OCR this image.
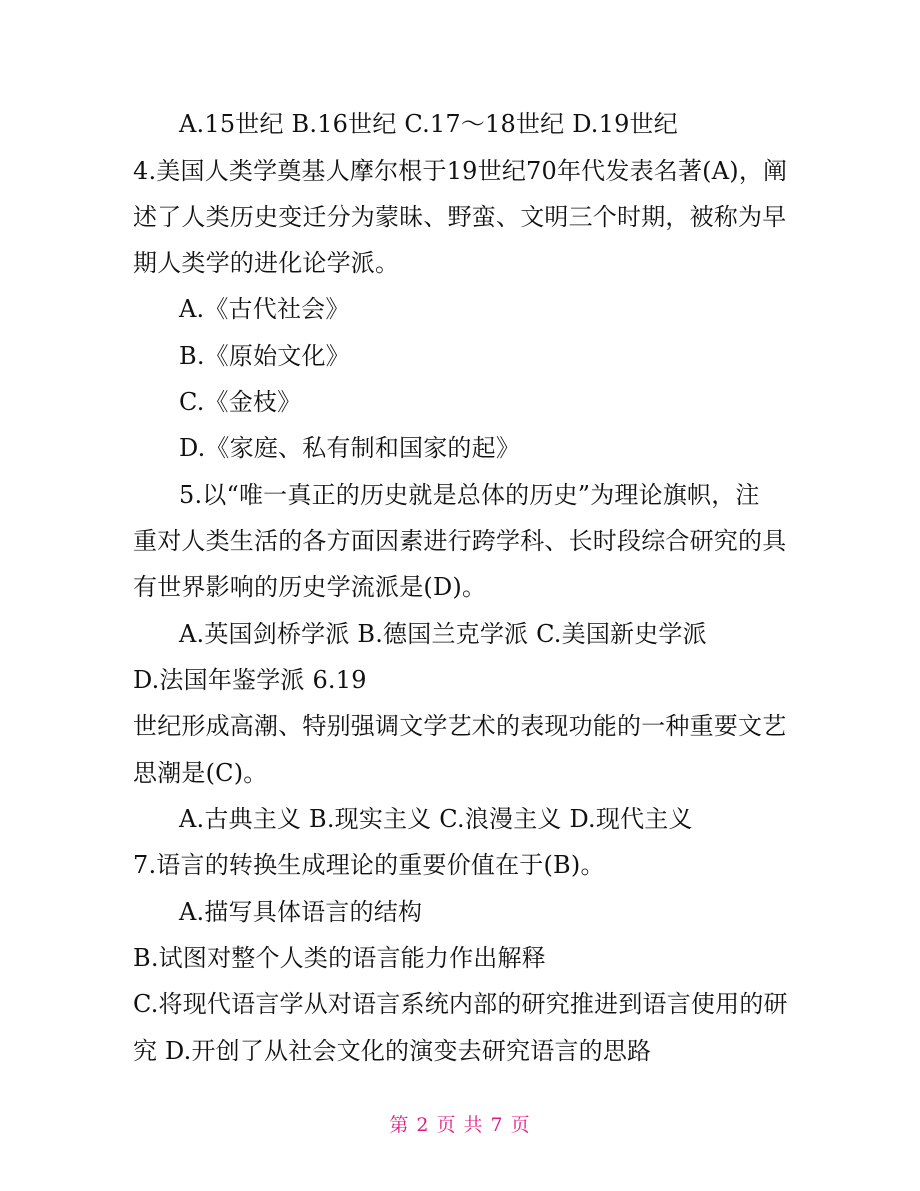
A.15世纪 B.16世纪 C.17～18世纪 D.19世纪
4.美国人类学奠基人摩尔根于19世纪70年代发表名著(A)，阐
述了人类历史变迁分为蒙昧、野蛮、文明三个时期，被称为早
期人类学的进化论学派。
A.《古代社会》
B.《原始文化》
C.《金枝》
D.《家庭、私有制和国家的起》
5.以“唯一真正的历史就是总体的历史”为理论旗帜，注
重对人类生活的各方面因素进行跨学科、长时段综合研究的具
有世界影响的历史学流派是(D)。
A.英国剑桥学派 B.德国兰克学派 C.美国新史学派
D.法国年鉴学派 6.19
世纪形成高潮、特别强调文学艺术的表现功能的一种重要文艺
思潮是(C)。
A.古典主义 B.现实主义 C.浪漫主义 D.现代主义
7.语言的转换生成理论的重要价值在于(B)。
A.描写具体语言的结构
B.试图对整个人类的语言能力作出解释
C.将现代语言学从对语言系统内部的研究推进到语言使用的研
究 D.开创了从社会文化的演变去研究语言的思路
第 2 页 共 7 页
